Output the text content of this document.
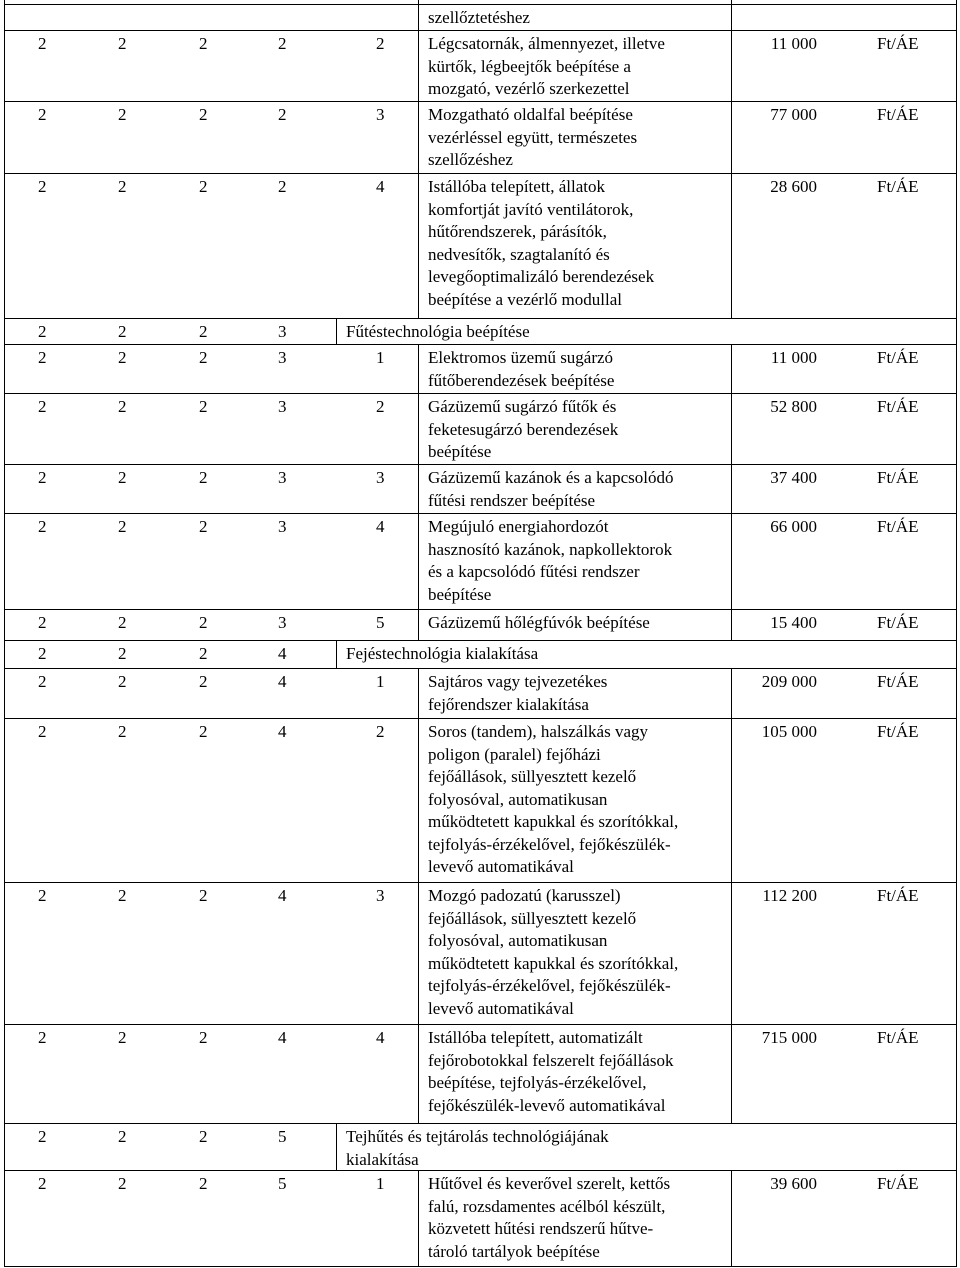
szellőztetéshez
2	2	2	2	2	Légcsatornák, álmennyezet, illetve
kürtők, légbeejtők beépítése a
mozgató, vezérlő szerkezettel
11 000	Ft/ÁE
2	2	2	2	3	Mozgatható oldalfal beépítése
vezérléssel együtt, természetes
szellőzéshez
77 000	Ft/ÁE
2	2	2	2	4	Istállóba telepített, állatok
komfortját javító ventilátorok,
hűtőrendszerek, párásítók,
nedvesítők, szagtalanító és
levegőoptimalizáló berendezések
beépítése a vezérlő modullal
28 600	Ft/ÁE
2	2	2	3	Fűtéstechnológia beépítése
2	2	2	3	1	Elektromos üzemű sugárzó
fűtőberendezések beépítése
11 000	Ft/ÁE
2	2	2	3	2	Gázüzemű sugárzó fűtők és
feketesugárzó berendezések
beépítése
52 800	Ft/ÁE
2	2	2	3	3	Gázüzemű kazánok és a kapcsolódó
fűtési rendszer beépítése
37 400	Ft/ÁE
2	2	2	3	4	Megújuló energiahordozót
hasznosító kazánok, napkollektorok
és a kapcsolódó fűtési rendszer
beépítése
66 000	Ft/ÁE
2	2	2	3	5	Gázüzemű hőlégfúvók beépítése	15 400	Ft/ÁE
2	2	2	4	Fejéstechnológia kialakítása
2	2	2	4	1	Sajtáros vagy tejvezetékes
fejőrendszer kialakítása
209 000	Ft/ÁE
2	2	2	4	2	Soros (tandem), halszálkás vagy
poligon (paralel) fejőházi
fejőállások, süllyesztett kezelő
folyosóval, automatikusan
működtetett kapukkal és szorítókkal,
tejfolyás-érzékelővel, fejőkészülék-
levevő automatikával
105 000	Ft/ÁE
2	2	2	4	3	Mozgó padozatú (karusszel)
fejőállások, süllyesztett kezelő
folyosóval, automatikusan
működtetett kapukkal és szorítókkal,
tejfolyás-érzékelővel, fejőkészülék-
levevő automatikával
112 200	Ft/ÁE
2	2	2	4	4	Istállóba telepített, automatizált
fejőrobotokkal felszerelt fejőállások
beépítése, tejfolyás-érzékelővel,
fejőkészülék-levevő automatikával
715 000	Ft/ÁE
2	2	2	5	Tejhűtés és tejtárolás technológiájának
kialakítása
2	2	2	5	1	Hűtővel és keverővel szerelt, kettős
falú, rozsdamentes acélból készült,
közvetett hűtési rendszerű hűtve-
tároló tartályok beépítése
39 600	Ft/ÁE
